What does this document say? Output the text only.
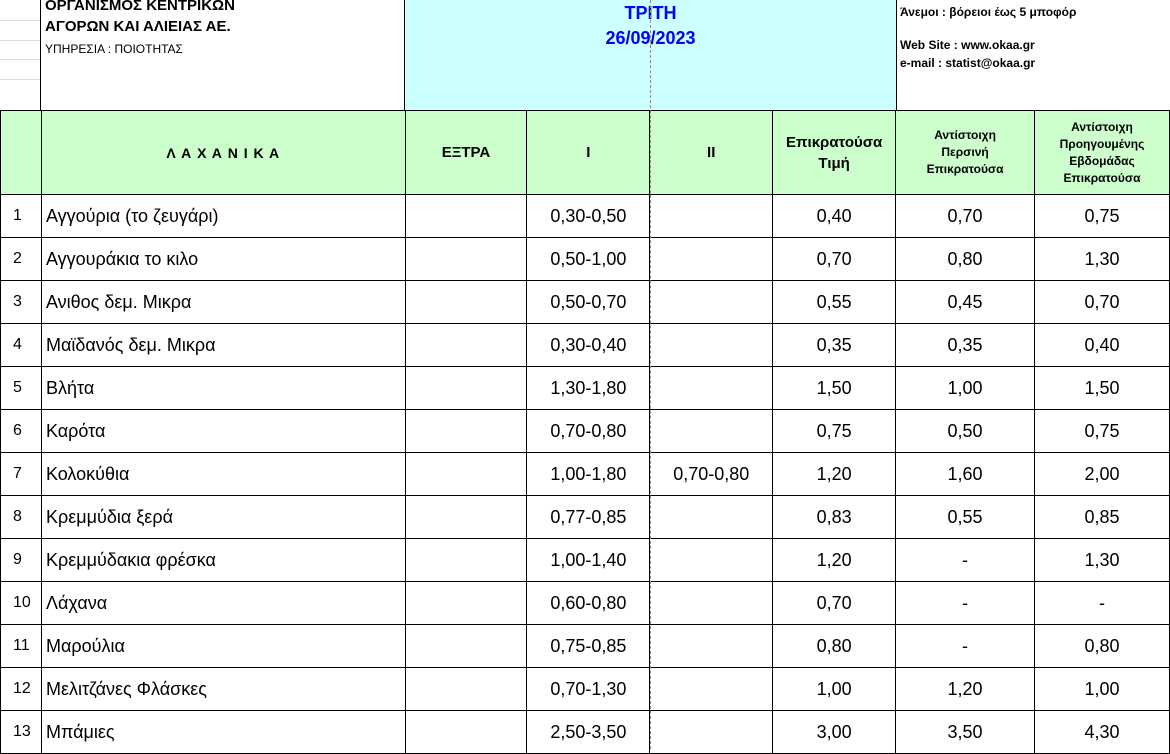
ΟΡΓΑΝΙΣΜΟΣ ΚΕΝΤΡΙΚΩΝ
ΑΓΟΡΩΝ ΚΑΙ ΑΛΙΕΙΑΣ ΑΕ.
ΥΠΗΡΕΣΙΑ : ΠΟΙΟΤΗΤΑΣ
ΤΡΙΤΗ
26/09/2023
Άνεμοι : βόρειοι έως 5 μποφόρ
Web Site : www.okaa.gr
e-mail : statist@okaa.gr
	Λ Α Χ Α Ν Ι Κ Α	ΕΞΤΡΑ	I	II	Επικρατούσα
Τιμή	Αντίστοιχη
Περσινή
Επικρατούσα	Αντίστοιχη
Προηγουμένης
Εβδομάδας
Επικρατούσα
1	Αγγούρια (το ζευγάρι)		0,30-0,50		0,40	0,70	0,75
2	Αγγουράκια το κιλο		0,50-1,00		0,70	0,80	1,30
3	Ανιθος δεμ. Μικρα		0,50-0,70		0,55	0,45	0,70
4	Μαϊδανός δεμ. Μικρα		0,30-0,40		0,35	0,35	0,40
5	Βλήτα		1,30-1,80		1,50	1,00	1,50
6	Καρότα		0,70-0,80		0,75	0,50	0,75
7	Κολοκύθια		1,00-1,80	0,70-0,80	1,20	1,60	2,00
8	Κρεμμύδια ξερά		0,77-0,85		0,83	0,55	0,85
9	Κρεμμύδακια φρέσκα		1,00-1,40		1,20	-	1,30
10	Λάχανα		0,60-0,80		0,70	-	-
11	Μαρούλια		0,75-0,85		0,80	-	0,80
12	Μελιτζάνες Φλάσκες		0,70-1,30		1,00	1,20	1,00
13	Μπάμιες		2,50-3,50		3,00	3,50	4,30
